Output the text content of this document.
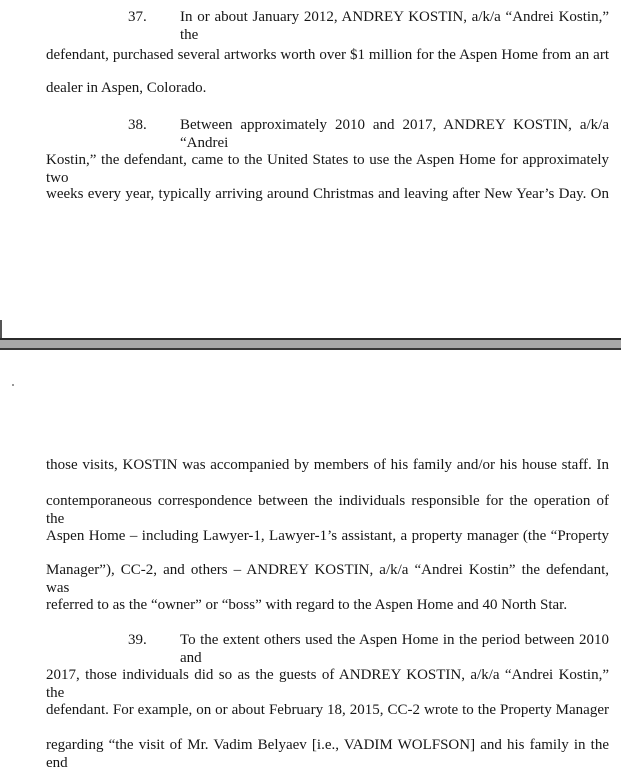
37. In or about January 2012, ANDREY KOSTIN, a/k/a “Andrei Kostin,” the
defendant, purchased several artworks worth over $1 million for the Aspen Home from an art
dealer in Aspen, Colorado.
38. Between approximately 2010 and 2017, ANDREY KOSTIN, a/k/a “Andrei
Kostin,” the defendant, came to the United States to use the Aspen Home for approximately two
weeks every year, typically arriving around Christmas and leaving after New Year’s Day. On
those visits, KOSTIN was accompanied by members of his family and/or his house staff. In
contemporaneous correspondence between the individuals responsible for the operation of the
Aspen Home – including Lawyer-1, Lawyer-1’s assistant, a property manager (the “Property
Manager”), CC-2, and others – ANDREY KOSTIN, a/k/a “Andrei Kostin” the defendant, was
referred to as the “owner” or “boss” with regard to the Aspen Home and 40 North Star.
39. To the extent others used the Aspen Home in the period between 2010 and
2017, those individuals did so as the guests of ANDREY KOSTIN, a/k/a “Andrei Kostin,” the
defendant. For example, on or about February 18, 2015, CC-2 wrote to the Property Manager
regarding “the visit of Mr. Vadim Belyaev [i.e., VADIM WOLFSON] and his family in the end
